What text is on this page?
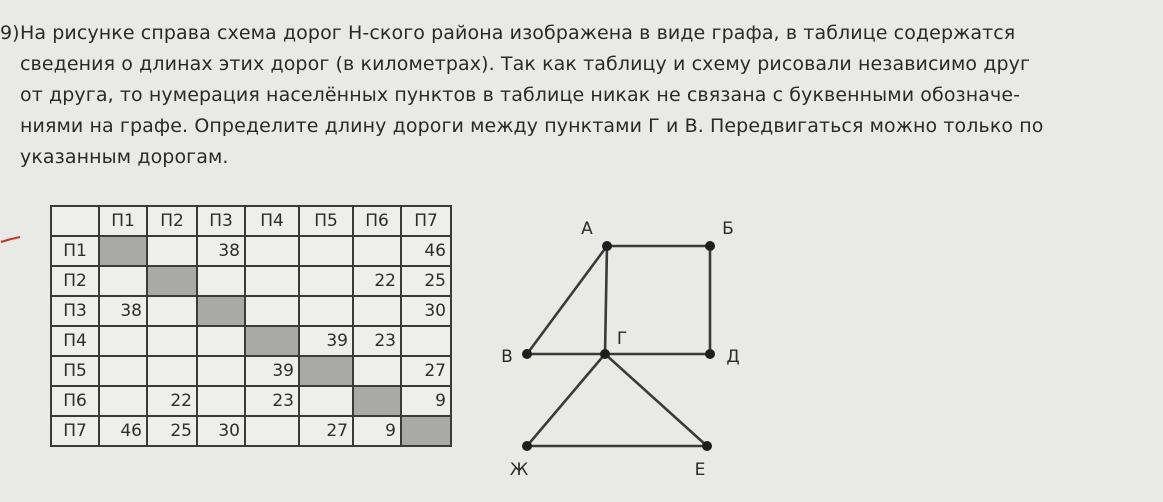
9) На рисунке справа схема дорог Н-ского района изображена в виде графа, в таблице содержатся
сведения о длинах этих дорог (в километрах). Так как таблицу и схему рисовали независимо друг
от друга, то нумерация населённых пунктов в таблице никак не связана с буквенными обозначе-
ниями на графе. Определите длину дороги между пунктами Г и В. Передвигаться можно только по
указанным дорогам.
	П1	П2	П3	П4	П5	П6	П7
П1			38				46
П2						22	25
П3	38						30
П4					39	23	
П5				39			27
П6		22		23			9
П7	46	25	30		27	9	
А	Б
В
Г
Д
Ж	Е
